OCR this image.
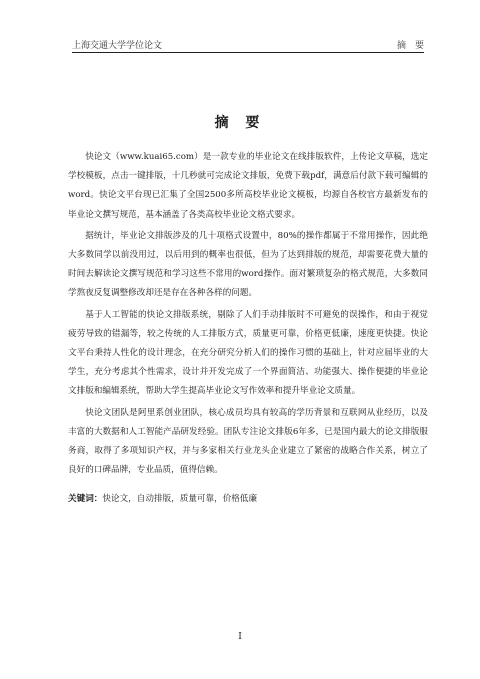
上海交通大学学位论文	摘　要
摘 要

快论文（www.kuai65.com）是一款专业的毕业论文在线排版软件，上传论文草稿，选定学校模板，点击一键排版，十几秒就可完成论文排版，免费下载pdf，满意后付款下载可编辑的word。快论文平台现已汇集了全国2500多所高校毕业论文模板，均源自各校官方最新发布的毕业论文撰写规范，基本涵盖了各类高校毕业论文格式要求。

据统计，毕业论文排版涉及的几十项格式设置中，80%的操作都属于不常用操作，因此绝大多数同学以前没用过，以后用到的概率也很低，但为了达到排版的规范，却需要花费大量的时间去解读论文撰写规范和学习这些不常用的word操作。面对繁琐复杂的格式规范，大多数同学熬夜反复调整修改却还是存在各种各样的问题。

基于人工智能的快论文排版系统，剔除了人们手动排版时不可避免的误操作，和由于视觉疲劳导致的错漏等，较之传统的人工排版方式，质量更可靠，价格更低廉，速度更快捷。快论文平台秉持人性化的设计理念，在充分研究分析人们的操作习惯的基础上，针对应届毕业的大学生，充分考虑其个性需求，设计并开发完成了一个界面简洁、功能强大、操作便捷的毕业论文排版和编辑系统，帮助大学生提高毕业论文写作效率和提升毕业论文质量。

快论文团队是阿里系创业团队，核心成员均具有较高的学历背景和互联网从业经历，以及丰富的大数据和人工智能产品研发经验。团队专注论文排版6年多，已是国内最大的论文排版服务商，取得了多项知识产权，并与多家相关行业龙头企业建立了紧密的战略合作关系，树立了良好的口碑品牌，专业品质，值得信赖。

关键词：快论文，自动排版，质量可靠，价格低廉
I
